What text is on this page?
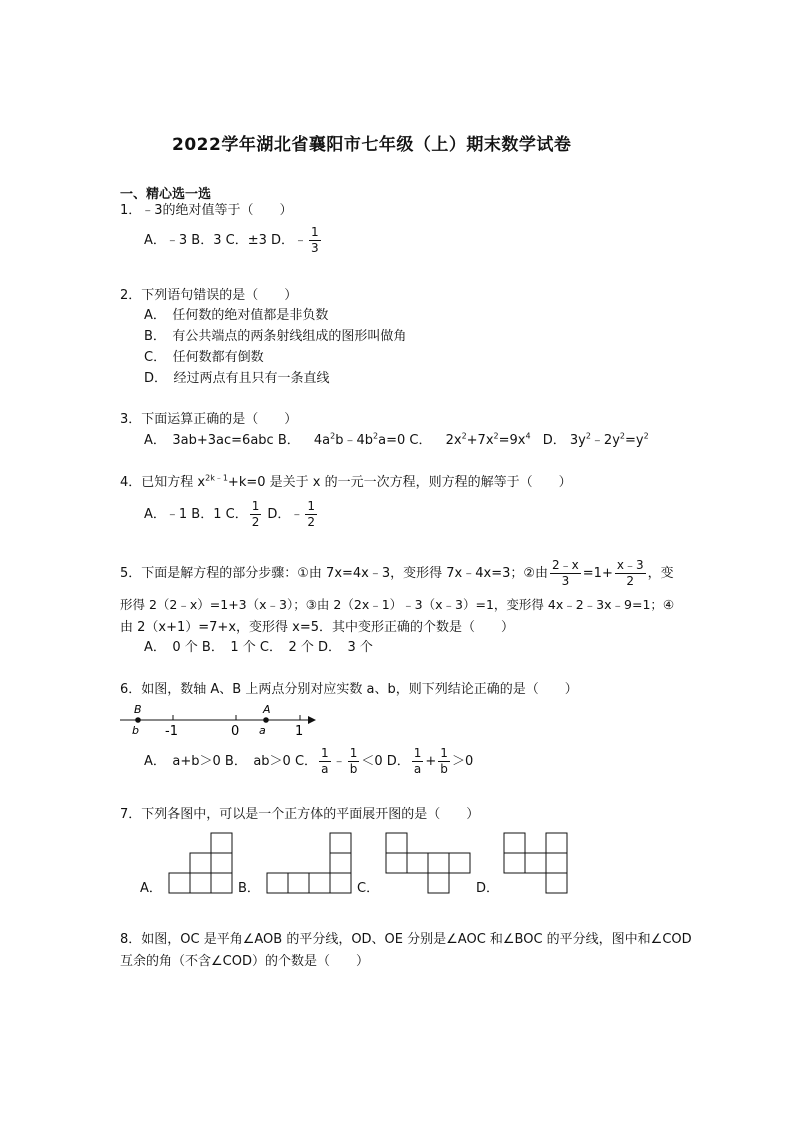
2022学年湖北省襄阳市七年级（上）期末数学试卷
一、精心选一选
1．﹣3的绝对值等于（　　）
A．﹣3 B．3 C．±3 D． ﹣ $\frac{1}{3}$
2．下列语句错误的是（　　）
A．　任何数的绝对值都是非负数
B．　有公共端点的两条射线组成的图形叫做角
C．　任何数都有倒数
D．　经过两点有且只有一条直线
3．下面运算正确的是（　　）
A．　3ab+3ac=6abc B． $4a^2b﹣4b^2a=0$ C． $2x^2+7x^2=9x^4$ D． $3y^2﹣2y^2=y^2$
4．已知方程 $x^{2k﹣1}+k=0$ 是关于 x 的一元一次方程，则方程的解等于（　　）
A．﹣1 B．1 C． $\frac{1}{2}$ D．﹣ $\frac{1}{2}$
5．下面是解方程的部分步骤：①由 7x=4x﹣3，变形得 7x﹣4x=3；②由 $\frac{2﹣x}{3} =1+ \frac{x﹣3}{2}$ ，变
形得 2（2﹣x）=1+3（x﹣3）；③由 2（2x﹣1）﹣3（x﹣3）=1，变形得 4x﹣2﹣3x﹣9=1；④
由 2（x+1）=7+x，变形得 x=5．其中变形正确的个数是（　　）
A．　0 个 B．　1 个 C．　2 个 D．　3 个
6．如图，数轴 A、B 上两点分别对应实数 a、b，则下列结论正确的是（　　）
B
b
A
a
-1	0	1
A．　a+b＞0 B．　ab＞0 C． $\frac{1}{a}$ ﹣ $\frac{1}{b} <0$ D． $\frac{1}{a} + \frac{1}{b} >0$
7．下列各图中，可以是一个正方体的平面展开图的是（　　）
A．	B．	C．	D．
8．如图，OC 是平角∠AOB 的平分线，OD、OE 分别是∠AOC 和∠BOC 的平分线，图中和∠COD
互余的角（不含∠COD）的个数是（　　）
